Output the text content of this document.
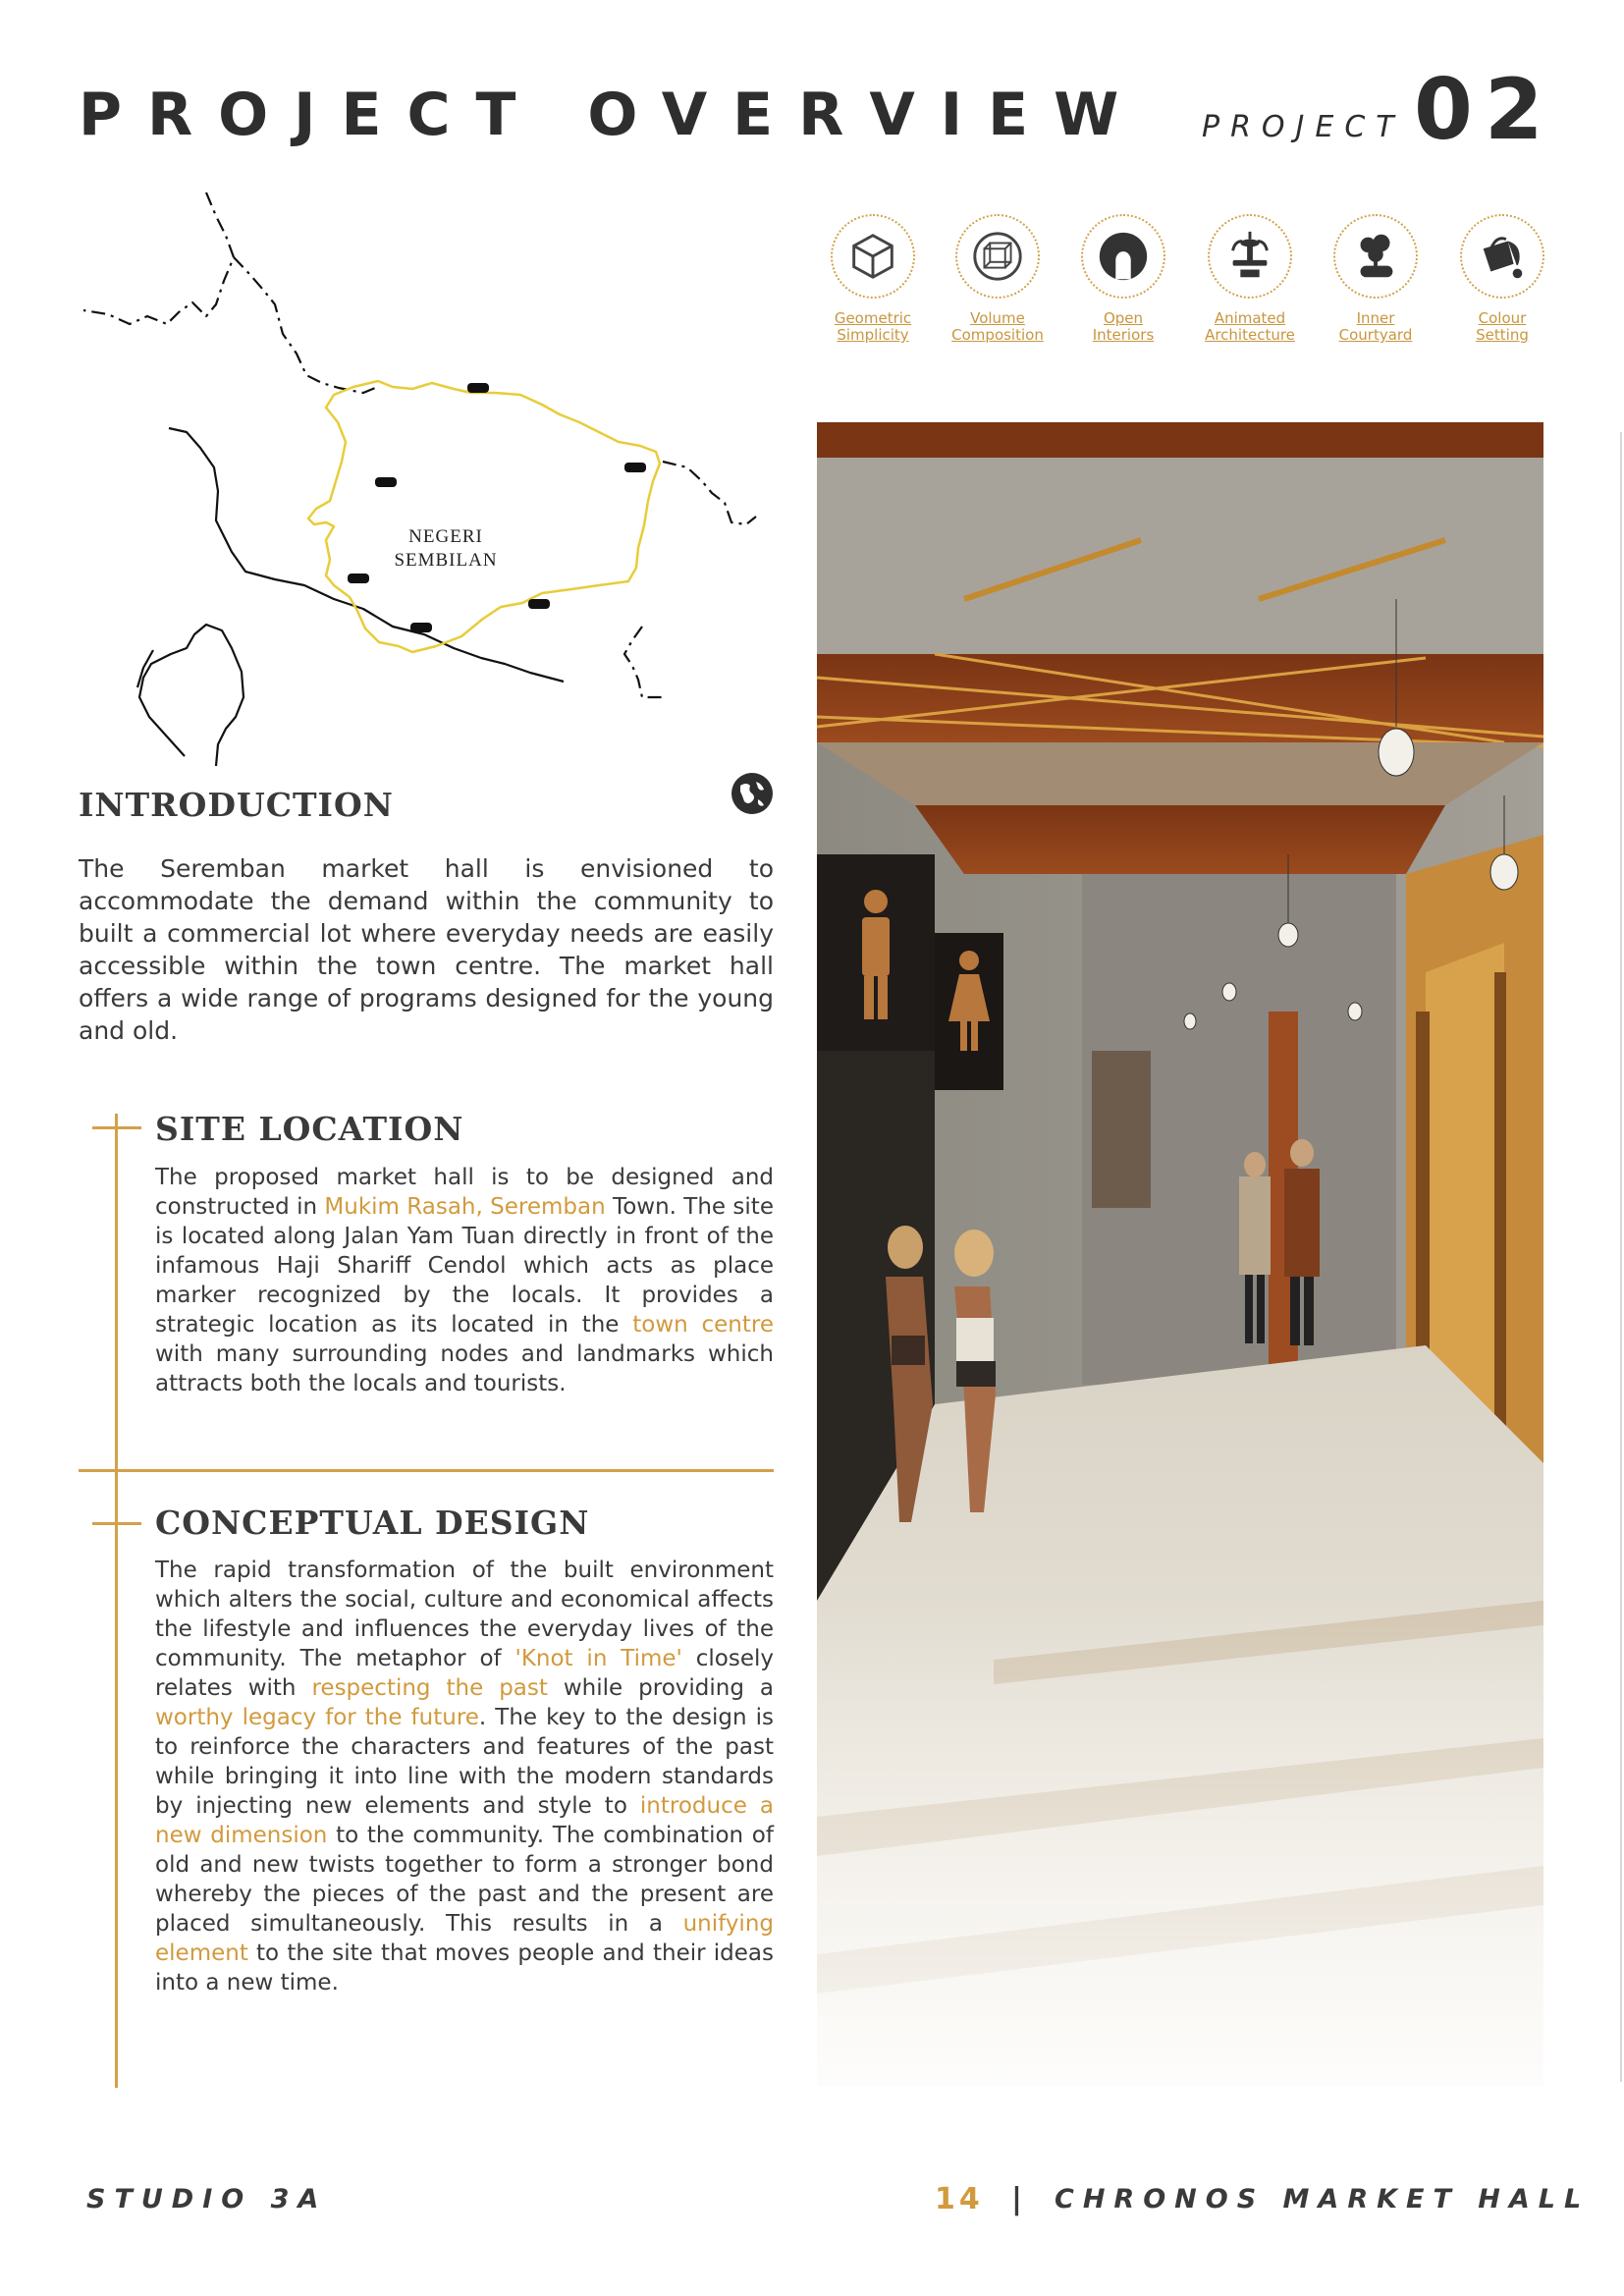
PROJECT OVERVIEW PROJECT 02
Geometric
Simplicity
Volume
Composition
Open
Interiors
Animated
Architecture
Inner
Courtyard
Colour
Setting
NEGERI
SEMBILAN
INTRODUCTION

The Seremban market hall is envisioned to accommodate the demand within the community to built a commercial lot where everyday needs are easily accessible within the town centre. The market hall offers a wide range of programs designed for the young and old.

SITE LOCATION

The proposed market hall is to be designed and constructed in Mukim Rasah, Seremban Town. The site is located along Jalan Yam Tuan directly in front of the infamous Haji Shariff Cendol which acts as place marker recognized by the locals. It provides a strategic location as its located in the town centre with many surrounding nodes and landmarks which attracts both the locals and tourists.

CONCEPTUAL DESIGN

The rapid transformation of the built environment which alters the social, culture and economical affects the lifestyle and influences the everyday lives of the community. The metaphor of 'Knot in Time' closely relates with respecting the past while providing a worthy legacy for the future. The key to the design is to reinforce the characters and features of the past while bringing it into line with the modern standards by injecting new elements and style to introduce a new dimension to the community. The combination of old and new twists together to form a stronger bond whereby the pieces of the past and the present are placed simultaneously. This results in a unifying element to the site that moves people and their ideas into a new time.

STUDIO 3A	14 | CHRONOS MARKET HALL
